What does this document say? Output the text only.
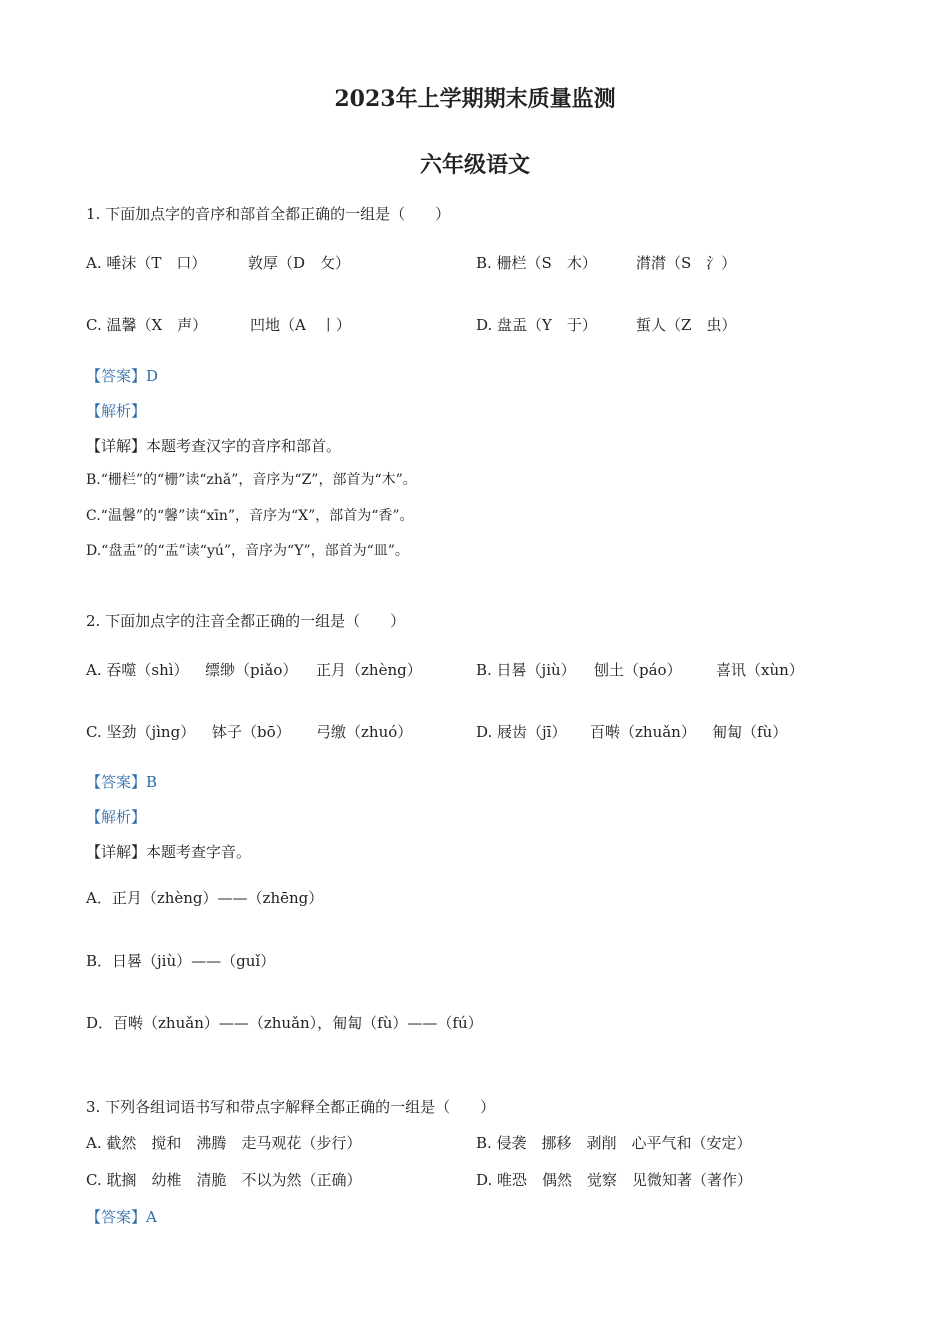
2023年上学期期末质量监测
六年级语文
1. 下面加点字的音序和部首全都正确的一组是（　　）
A. 唾沫（T　口）	敦厚（D　攵）	B. 栅栏（S　木）	潸潸（S　氵）
C. 温馨（X　声）	凹地（A　丨）	D. 盘盂（Y　于）	蜇人（Z　虫）
【答案】D
【解析】
【详解】本题考查汉字的音序和部首。
B.“栅栏”的“栅”读“zhǎ”，音序为“Z”，部首为“木”。
C.“温馨”的“馨”读“xīn”，音序为“X”，部首为“香”。
D.“盘盂”的“盂”读“yú”，音序为“Y”，部首为“皿”。
2. 下面加点字的注音全都正确的一组是（　　）
A. 吞噬（shì） 缥缈（piǎo） 正月（zhèng）	B. 日晷（jiù） 刨土（páo） 喜讯（xùn）
C. 坚劲（jìng） 钵子（bō） 弓缴（zhuó）	D. 屐齿（jī） 百啭（zhuǎn） 匍匐（fù）
【答案】B
【解析】
【详解】本题考查字音。
A．正月（zhèng）——（zhēng）
B．日晷（jiù）——（guǐ）
D．百啭（zhuǎn）——（zhuǎn），匍匐（fù）——（fú）
3. 下列各组词语书写和带点字解释全都正确的一组是（　　）
A. 截然　搅和　沸腾　走马观花（步行）	B. 侵袭　挪移　剥削　心平气和（安定）
C. 耽搁　幼椎　清脆　不以为然（正确）	D. 唯恐　偶然　觉察　见微知著（著作）
【答案】A
